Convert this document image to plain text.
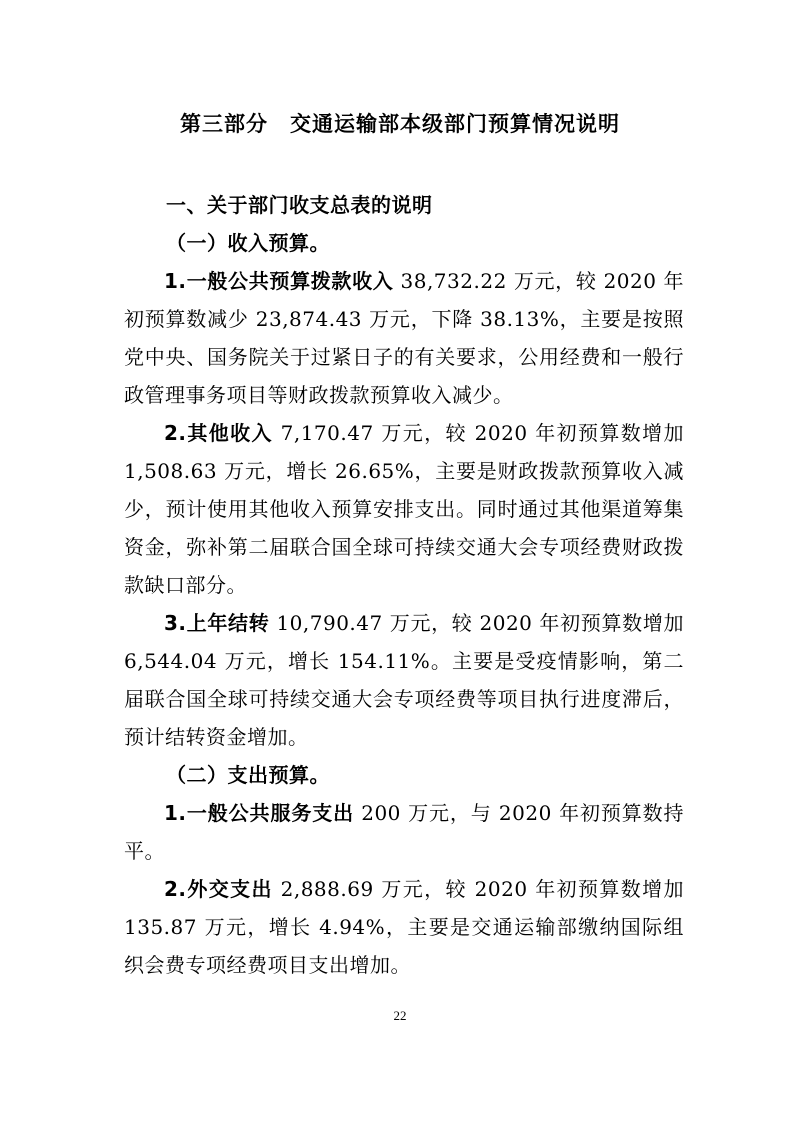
第三部分 交通运输部本级部门预算情况说明
一、关于部门收支总表的说明
（一）收入预算。

1.一般公共预算拨款收入 38,732.22 万元，较 2020 年初预算数减少 23,874.43 万元，下降 38.13%，主要是按照党中央、国务院关于过紧日子的有关要求，公用经费和一般行政管理事务项目等财政拨款预算收入减少。

2.其他收入 7,170.47 万元，较 2020 年初预算数增加 1,508.63 万元，增长 26.65%，主要是财政拨款预算收入减少，预计使用其他收入预算安排支出。同时通过其他渠道筹集资金，弥补第二届联合国全球可持续交通大会专项经费财政拨款缺口部分。

3.上年结转 10,790.47 万元，较 2020 年初预算数增加 6,544.04 万元，增长 154.11%。主要是受疫情影响，第二届联合国全球可持续交通大会专项经费等项目执行进度滞后，预计结转资金增加。

（二）支出预算。

1.一般公共服务支出 200 万元，与 2020 年初预算数持平。

2.外交支出 2,888.69 万元，较 2020 年初预算数增加 135.87 万元，增长 4.94%，主要是交通运输部缴纳国际组织会费专项经费项目支出增加。

22
